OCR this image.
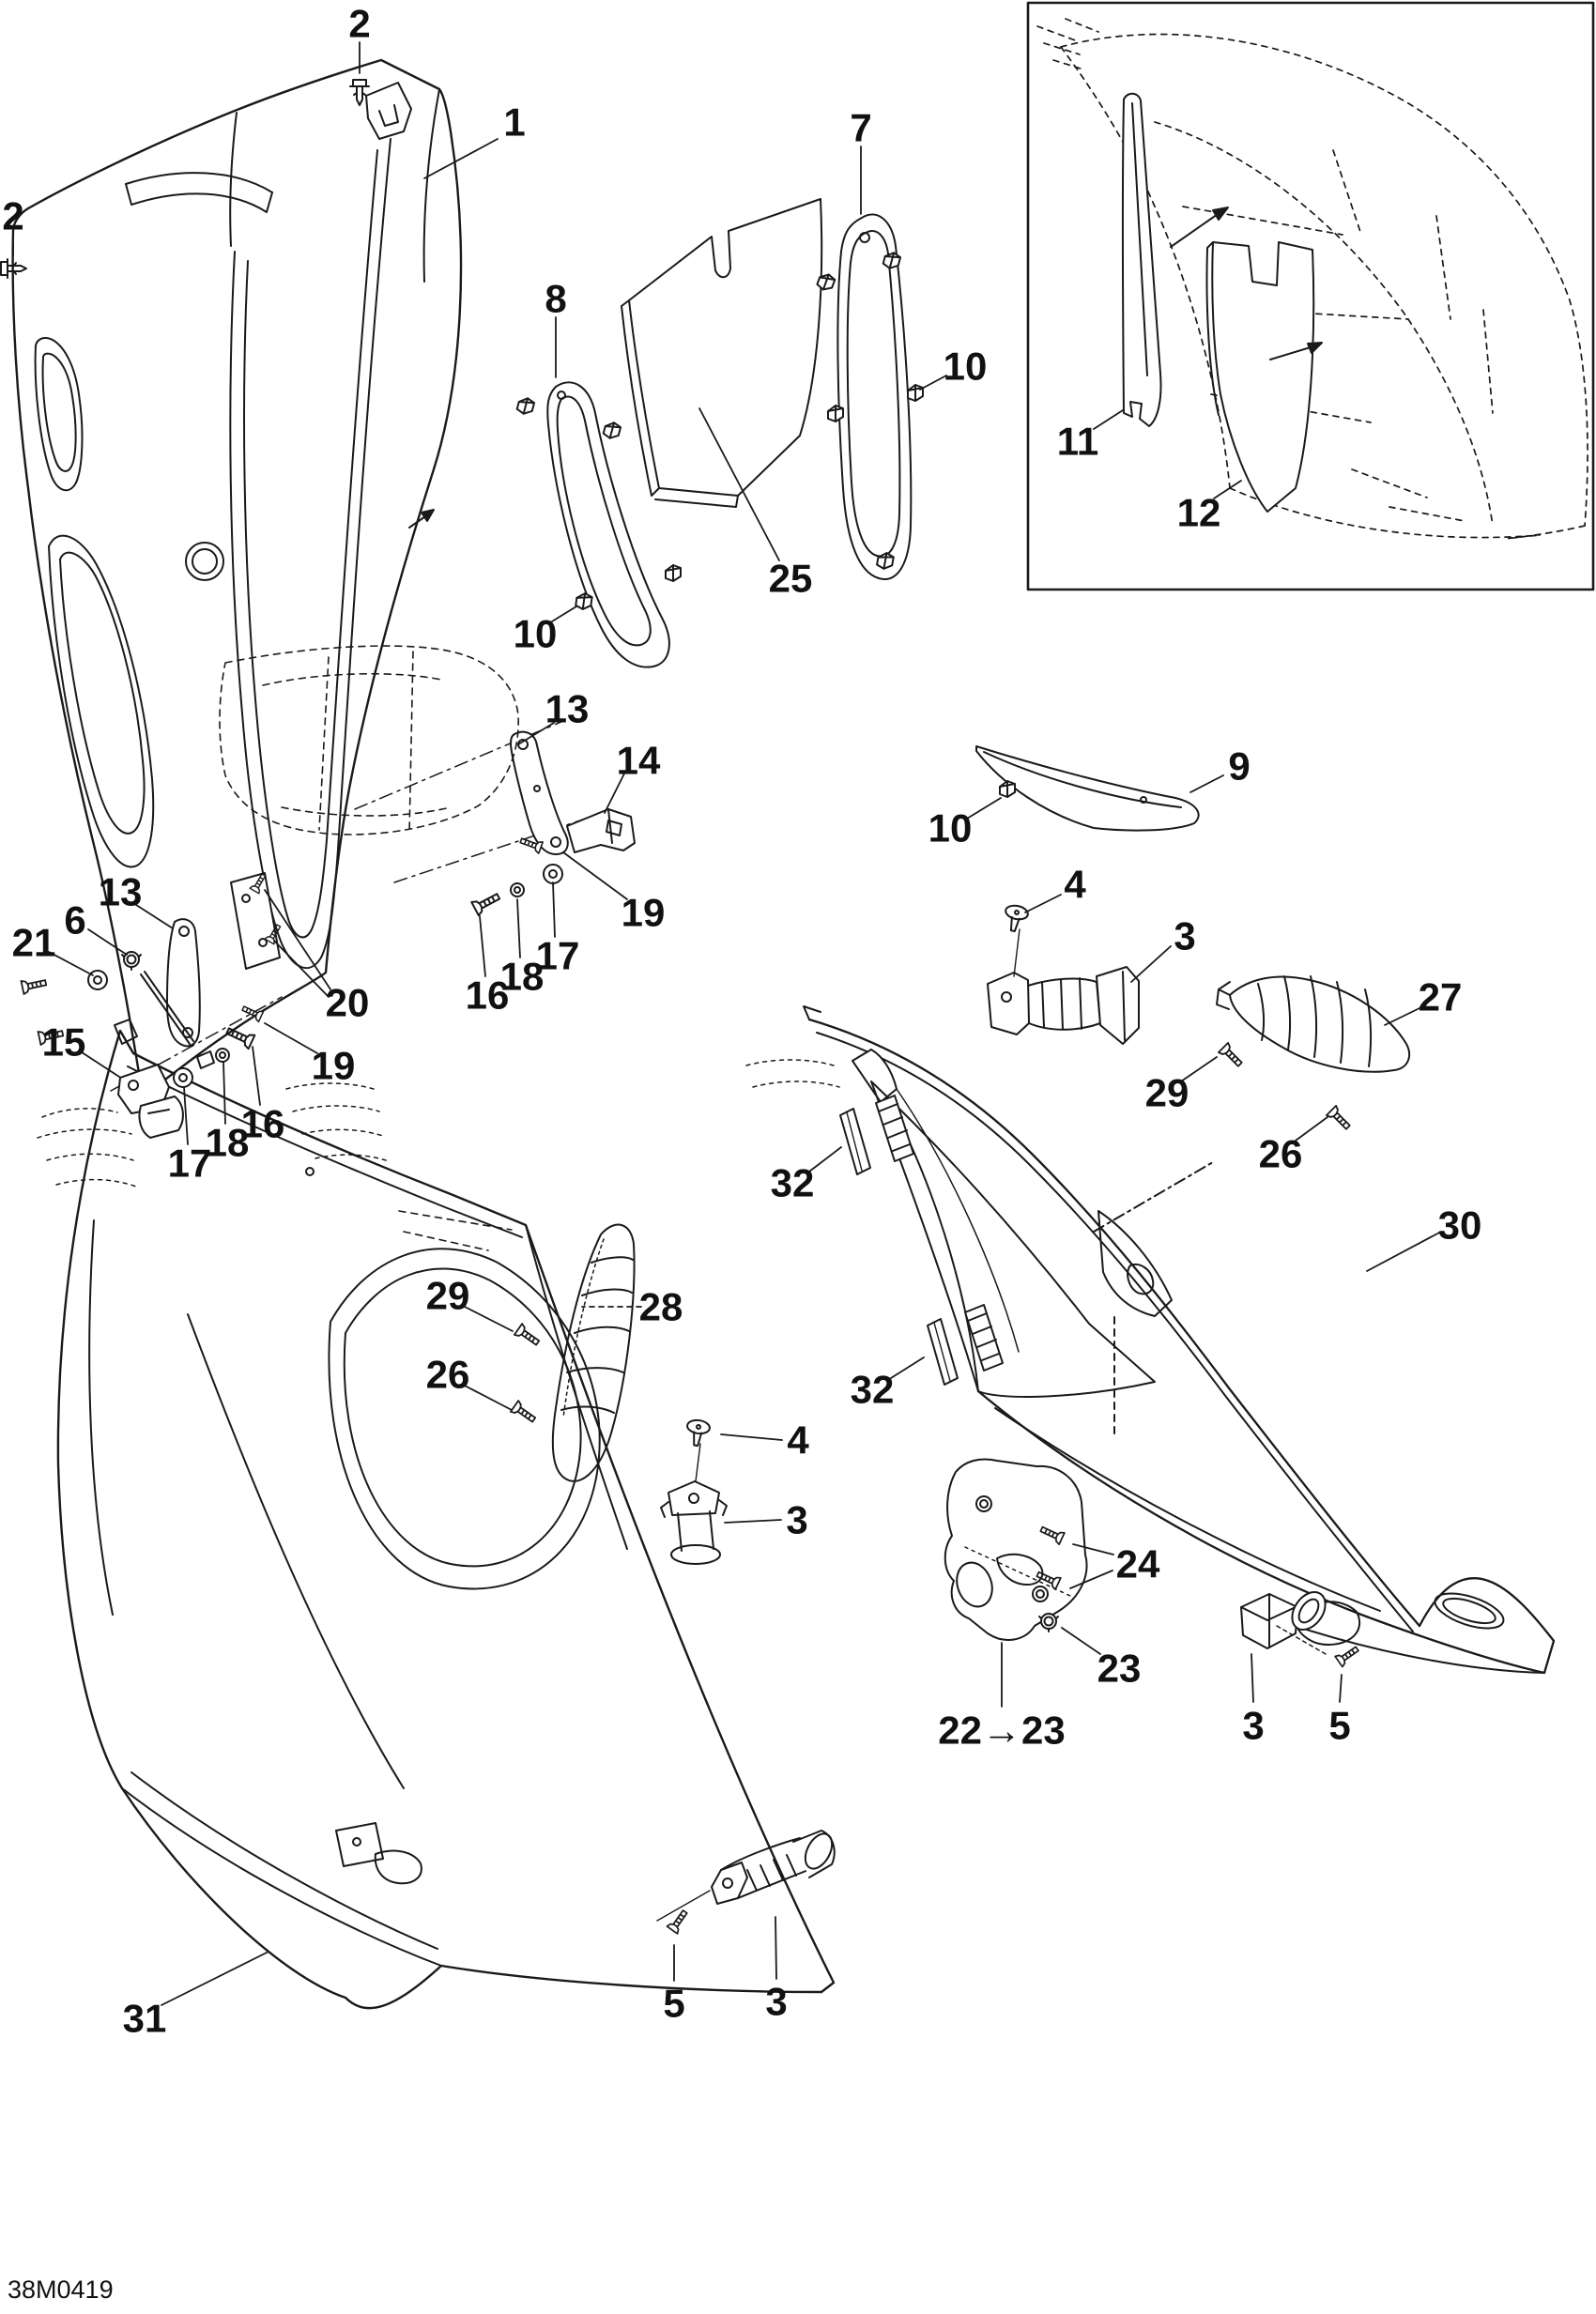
1
2
2
7
8
10
25
10
11
12
9
10
4
3
27
29
26
30
32
32
13
14
19
17
18
16
13
6
21
15
20
19
16
18
17
29	28
26
4
3
24
23
22→23	3 5
31	5 3
38M0419
